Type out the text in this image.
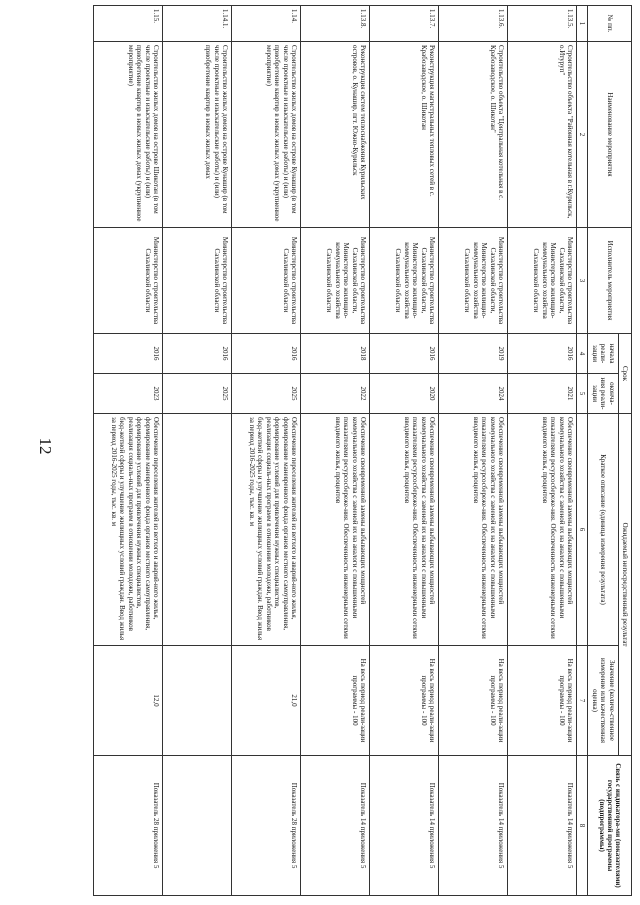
12
№ пп.	Наименование мероприятия	Исполнитель мероприятия	Срок		Ожидаемый непосредственный результат		Связь с индикатора-ми (показателями) государственной программы (подпрограммы)
			начала реали-зации	оконча-ния реали-зации	Краткое описание (единица измерения результата)	Значение (количе-ственное измерение или качественная оценка)	

1	2	3	4	5	6	7	8
1.13.5.	Строительство объекта "Районная котельная в г.Курильск, о.Итуруп"	Министерство строительства Сахалинской области, Министерство жилищно-коммунального хозяйства Сахалинской области	2016	2021	Обеспечение своевременной замены выбывающих мощностей коммунального хозяйства с заменой их на аналоги с повышенными показателями ресурсосбереже-ния. Обеспеченность инженерными сетями вводимого жилья, процентов	На весь период реали-зации программы - 100	Показатель 14 приложения 5
1.13.6.	Строительство объекта "Центральная котельная в с. Крабозаводское, о. Шикотан"	Министерство строительства Сахалинской области, Министерство жилищно-коммунального хозяйства Сахалинской области	2019	2024	Обеспечение своевременной замены выбывающих мощностей коммунального хозяйства с заменой их на аналоги с повышенными показателями ресурсосбереже-ния. Обеспеченность инженерными сетями вводимого жилья, процентов	На весь период реали-зации программы - 100	Показатель 14 приложения 5
1.13.7.	Реконструкция магистральных тепловых сетей в с. Крабозаводское, о. Шикотан	Министерство строительства Сахалинской области, Министерство жилищно-коммунального хозяйства Сахалинской области	2016	2020	Обеспечение своевременной замены выбывающих мощностей коммунального хозяйства с заменой их на аналоги с повышенными показателями ресурсосбереже-ния. Обеспеченность инженерными сетями вводимого жилья, процентов	На весь период реали-зации программы - 100	Показатель 14 приложения 5
1.13.8.	Реконструкция систем теплоснабжения Курильских островов, о. Кунашир, пгт. Южно-Курильск	Министерство строительства Сахалинской области, Министерство жилищно-коммунального хозяйства Сахалинской области	2018	2022	Обеспечение своевременной замены выбывающих мощностей коммунального хозяйства с заменой их на аналоги с повышенными показателями ресурсосбереже-ния. Обеспеченность инженерными сетями вводимого жилья, процентов	На весь период реали-зации программы - 100	Показатель 14 приложения 5
1.14.	Строительство жилых домов на острове Кунашир (в том числе проектные и изыскательские работы) и (или) приобретение квартир в новых жилых домах (укрупненное мероприятие)	Министерство строительства Сахалинской области	2016	2025	Обеспечение переселения жителей из ветхого и аварий-ного жилья, формирование маневренного фонда органов местного самоуправления, формирование условий для привлечения нужных специалистов, реализация социаль-ных программ в отношении молодежи, работников бюд-жетной сферы и улучшение жилищных условий граждан. Ввод жилья за период 2016-2025 годы, тыс. кв. м	21,0	Показатель 28 приложения 5
1.14.1.	Строительство жилых домов на острове Кунашир (в том числе проектные и изыскательские работы) и (или) приобретение квартир в новых жилых домах	Министерство строительства Сахалинской области	2016	2025			
1.15.	Строительство жилых домов на острове Шикотан (в том числе проектные и изыскательские работы) и (или) приобретение квартир в новых жилых домах (укрупненное мероприятие)	Министерство строительства Сахалинской области	2016	2023	Обеспечение переселения жителей из ветхого и аварий-ного жилья, формирование маневренного фонда органов местного самоуправления, формирование условий для привлечения нужных специалистов, реализация социаль-ных программ в отношении молодежи, работников бюд-жетной сферы и улучшение жилищных условий граждан. Ввод жилья за период 2016-2025 годы, тыс. кв. м	12,0	Показатель 28 приложения 5
